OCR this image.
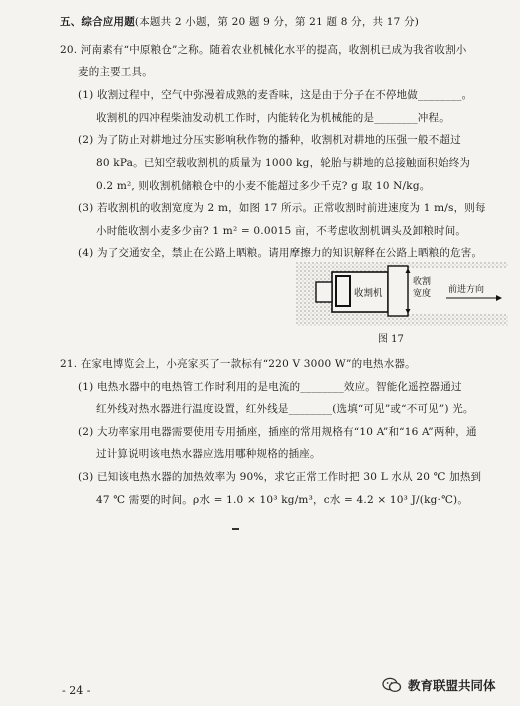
五、综合应用题(本题共 2 小题，第 20 题 9 分，第 21 题 8 分，共 17 分)
20. 河南素有“中原粮仓”之称。随着农业机械化水平的提高，收割机已成为我省收割小
麦的主要工具。
(1) 收割过程中，空气中弥漫着成熟的麦香味，这是由于分子在不停地做________。
收割机的四冲程柴油发动机工作时，内能转化为机械能的是________冲程。
(2) 为了防止对耕地过分压实影响秋作物的播种，收割机对耕地的压强一般不超过
80 kPa。已知空载收割机的质量为 1000 kg，轮胎与耕地的总接触面积始终为
0.2 m², 则收割机储粮仓中的小麦不能超过多少千克? g 取 10 N/kg。
(3) 若收割机的收割宽度为 2 m，如图 17 所示。正常收割时前进速度为 1 m/s，则每
小时能收割小麦多少亩? 1 m² = 0.0015 亩，不考虑收割机调头及卸粮时间。
(4) 为了交通安全，禁止在公路上晒粮。请用摩擦力的知识解释在公路上晒粮的危害。
收割机
收割
宽度 前进方向
图 17
21. 在家电博览会上，小亮家买了一款标有“220 V 3000 W”的电热水器。
(1) 电热水器中的电热管工作时利用的是电流的________效应。智能化遥控器通过
红外线对热水器进行温度设置，红外线是________(选填“可见”或“不可见”) 光。
(2) 大功率家用电器需要使用专用插座，插座的常用规格有“10 A”和“16 A”两种，通
过计算说明该电热水器应选用哪种规格的插座。
(3) 已知该电热水器的加热效率为 90%，求它正常工作时把 30 L 水从 20 ℃ 加热到
47 ℃ 需要的时间。ρ水 = 1.0 × 10³ kg/m³，c水 = 4.2 × 10³ J/(kg·℃)。
- 24 -	教育联盟共同体
